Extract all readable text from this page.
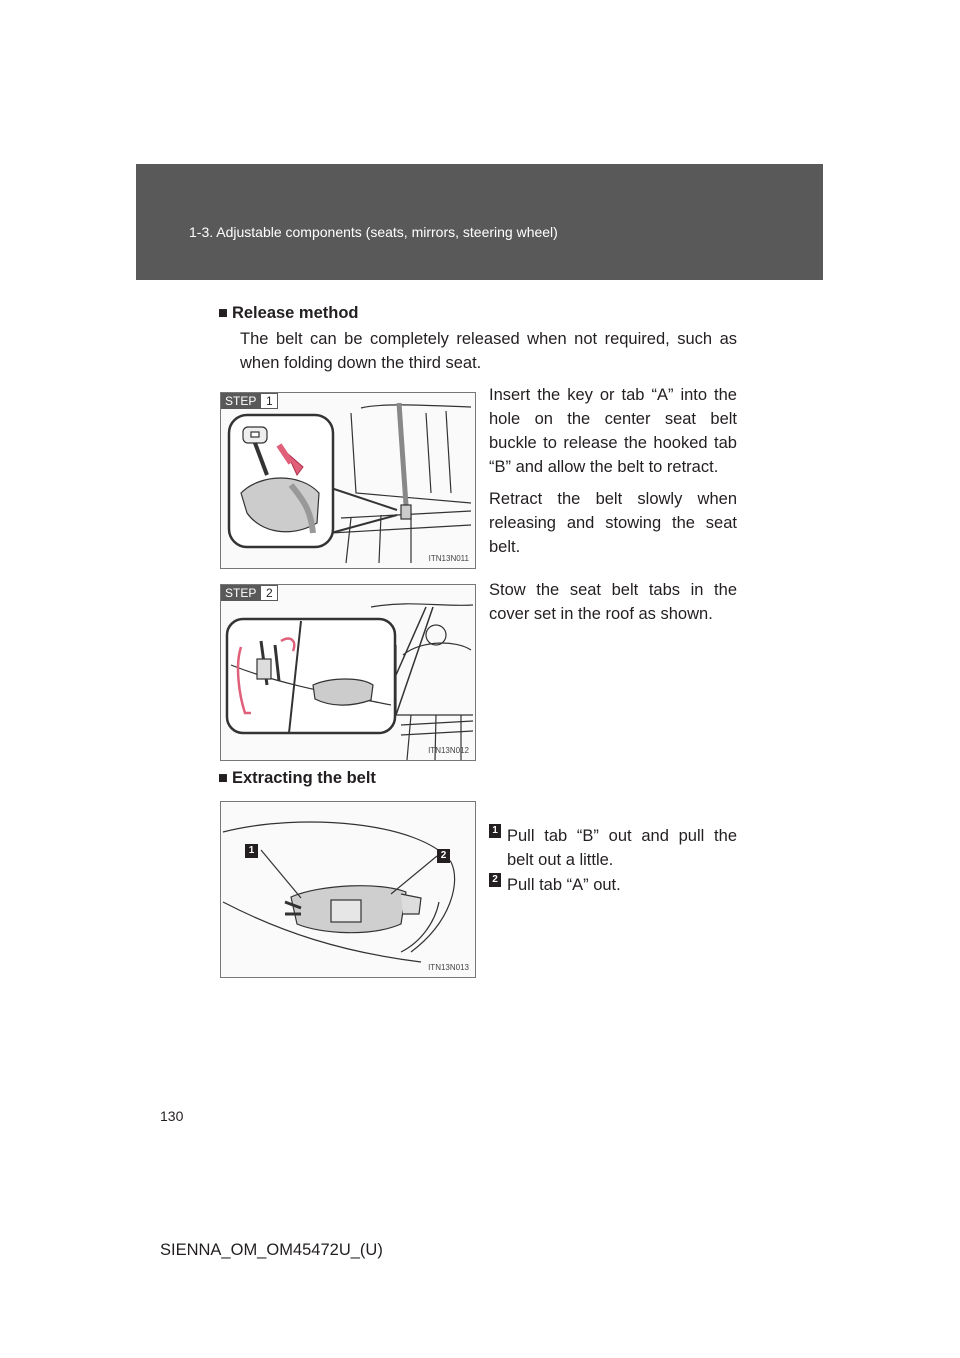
1-3. Adjustable components (seats, mirrors, steering wheel)
■ Release method
The belt can be completely released when not required, such as when folding down the third seat.
STEP 1
ITN13N011
Insert the key or tab “A” into the hole on the center seat belt buckle to release the hooked tab “B” and allow the belt to retract.
Retract the belt slowly when releasing and stowing the seat belt.
STEP 2
ITN13N012
Stow the seat belt tabs in the cover set in the roof as shown.
■ Extracting the belt
1	2
ITN13N013
1 Pull tab “B” out and pull the belt out a little.
2 Pull tab “A” out.
130
SIENNA_OM_OM45472U_(U)
